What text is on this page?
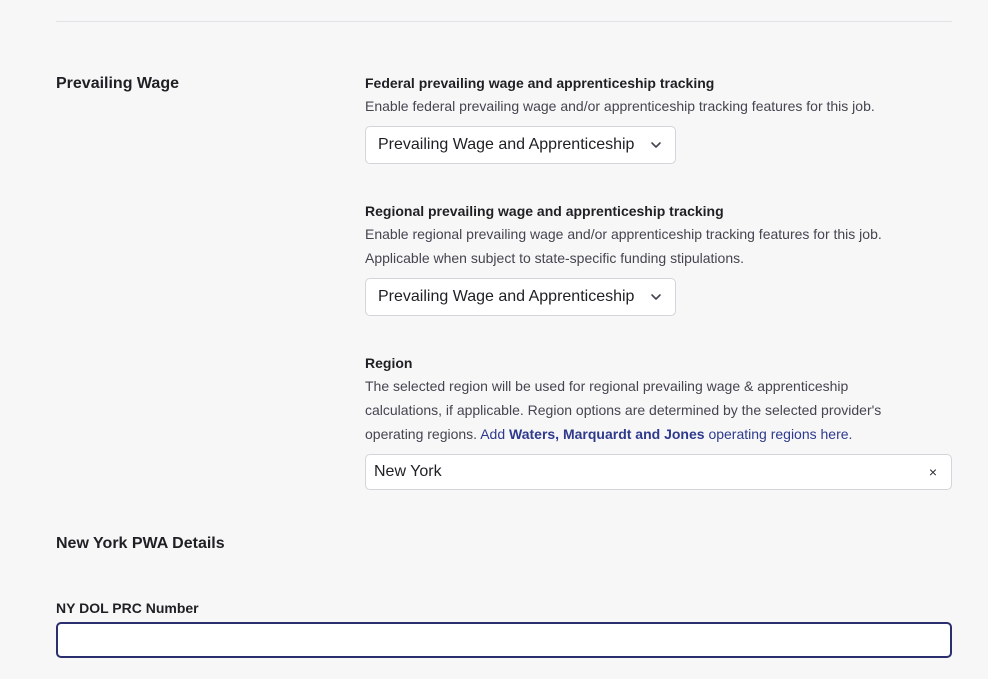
Prevailing Wage	Federal prevailing wage and apprenticeship tracking
Enable federal prevailing wage and/or apprenticeship tracking features for this job.
Prevailing Wage and Apprenticeship
Regional prevailing wage and apprenticeship tracking
Enable regional prevailing wage and/or apprenticeship tracking features for this job. Applicable when subject to state-specific funding stipulations.
Prevailing Wage and Apprenticeship
Region
The selected region will be used for regional prevailing wage & apprenticeship calculations, if applicable. Region options are determined by the selected provider's operating regions. Add Waters, Marquardt and Jones operating regions here.
New York	×
New York PWA Details
NY DOL PRC Number
